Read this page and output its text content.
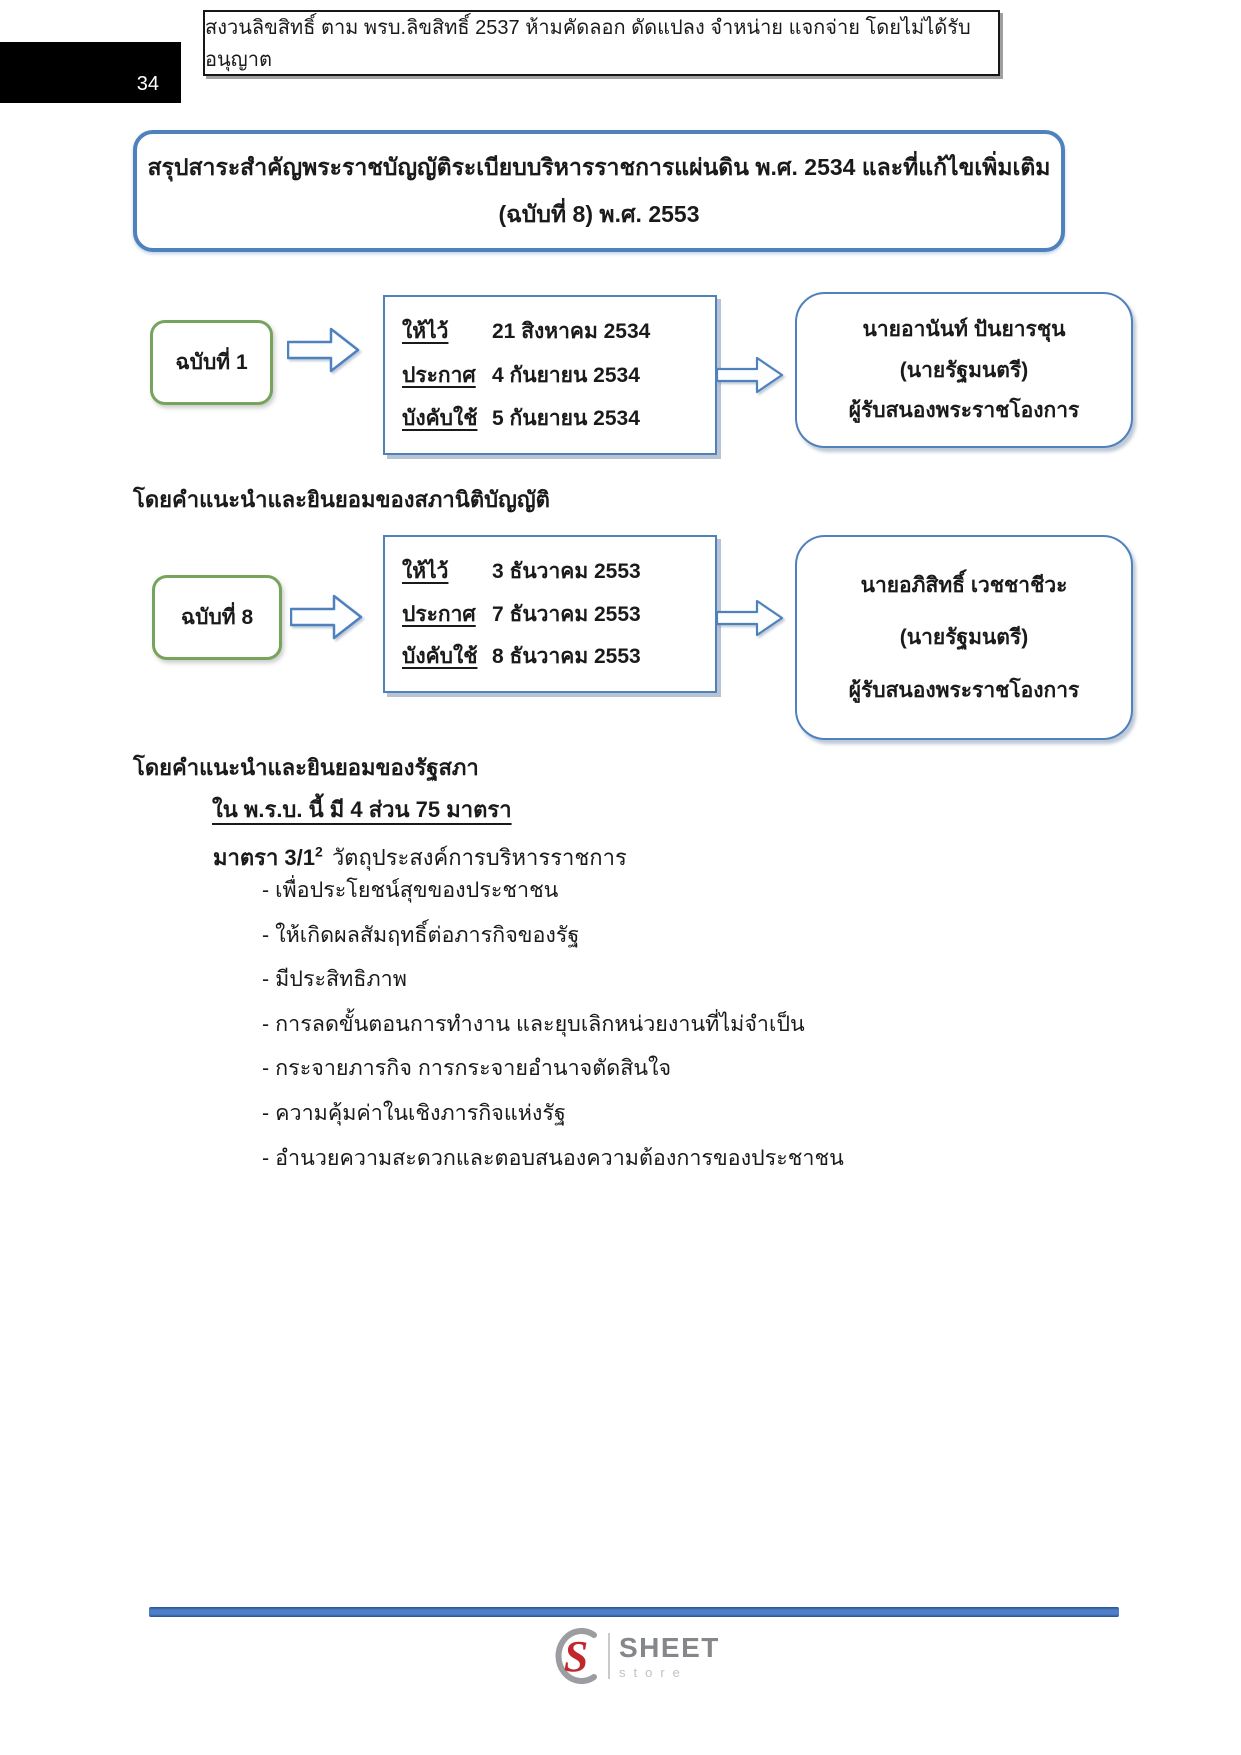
สงวนลิขสิทธิ์ ตาม พรบ.ลิขสิทธิ์ 2537 ห้ามคัดลอก ดัดแปลง จำหน่าย แจกจ่าย โดยไม่ได้รับอนุญาต
34
สรุปสาระสำคัญพระราชบัญญัติระเบียบบริหารราชการแผ่นดิน พ.ศ. 2534 และที่แก้ไขเพิ่มเติม
(ฉบับที่ 8) พ.ศ. 2553
ฉบับที่ 1
ให้ไว้	21 สิงหาคม 2534
ประกาศ 4 กันยายน 2534
บังคับใช้ 5 กันยายน 2534
นายอานันท์ ปันยารชุน
(นายรัฐมนตรี)
ผู้รับสนองพระราชโองการ
โดยคำแนะนำและยินยอมของสภานิติบัญญัติ
ฉบับที่ 8
ให้ไว้	3 ธันวาคม 2553
ประกาศ 7 ธันวาคม 2553
บังคับใช้ 8 ธันวาคม 2553
นายอภิสิทธิ์ เวชชาชีวะ
(นายรัฐมนตรี)
ผู้รับสนองพระราชโองการ
โดยคำแนะนำและยินยอมของรัฐสภา
ใน พ.ร.บ. นี้ มี 4 ส่วน 75 มาตรา
มาตรา $3/1^2$ วัตถุประสงค์การบริหารราชการ
- เพื่อประโยชน์สุขของประชาชน
- ให้เกิดผลสัมฤทธิ์ต่อภารกิจของรัฐ
- มีประสิทธิภาพ
- การลดขั้นตอนการทำงาน และยุบเลิกหน่วยงานที่ไม่จำเป็น
- กระจายภารกิจ การกระจายอำนาจตัดสินใจ
- ความคุ้มค่าในเชิงภารกิจแห่งรัฐ
- อำนวยความสะดวกและตอบสนองความต้องการของประชาชน
S SHEET
store
